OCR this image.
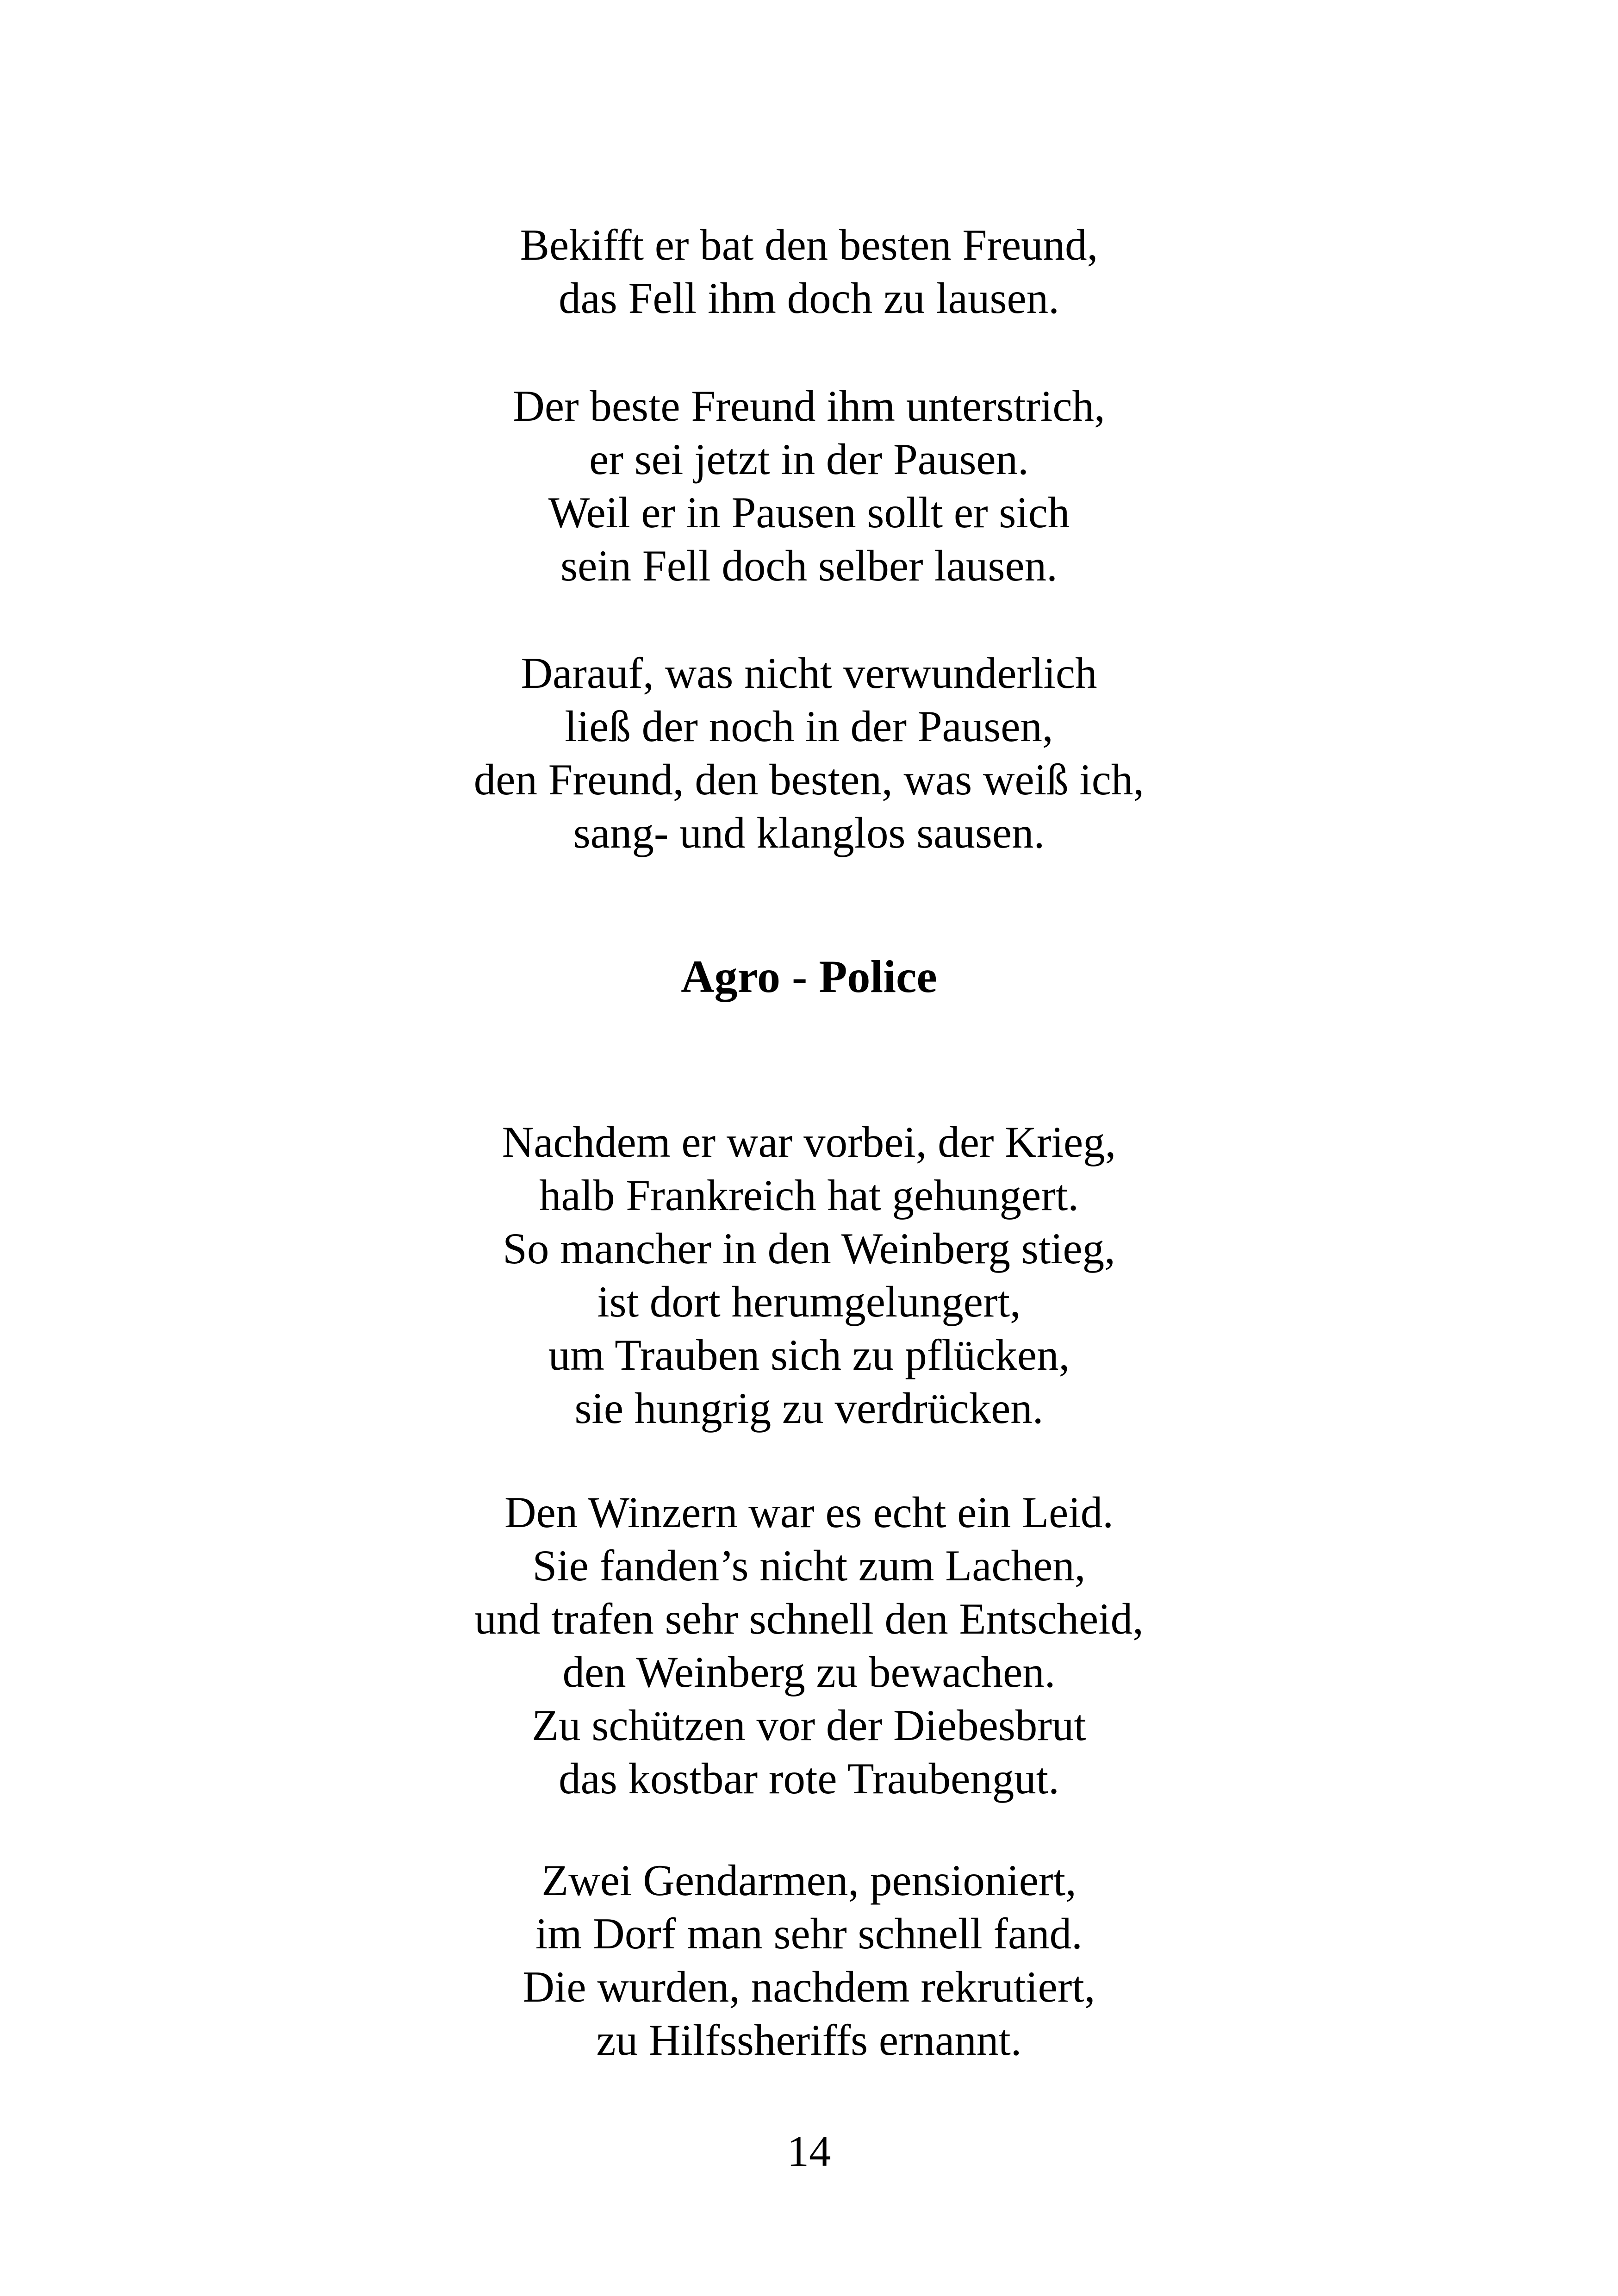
Bekifft er bat den besten Freund,
das Fell ihm doch zu lausen.
Der beste Freund ihm unterstrich,
er sei jetzt in der Pausen.
Weil er in Pausen sollt er sich
sein Fell doch selber lausen.
Darauf, was nicht verwunderlich
ließ der noch in der Pausen,
den Freund, den besten, was weiß ich,
sang- und klanglos sausen.
Agro - Police
Nachdem er war vorbei, der Krieg,
halb Frankreich hat gehungert.
So mancher in den Weinberg stieg,
ist dort herumgelungert,
um Trauben sich zu pflücken,
sie hungrig zu verdrücken.
Den Winzern war es echt ein Leid.
Sie fanden’s nicht zum Lachen,
und trafen sehr schnell den Entscheid,
den Weinberg zu bewachen.
Zu schützen vor der Diebesbrut
das kostbar rote Traubengut.
Zwei Gendarmen, pensioniert,
im Dorf man sehr schnell fand.
Die wurden, nachdem rekrutiert,
zu Hilfssheriffs ernannt.
14
